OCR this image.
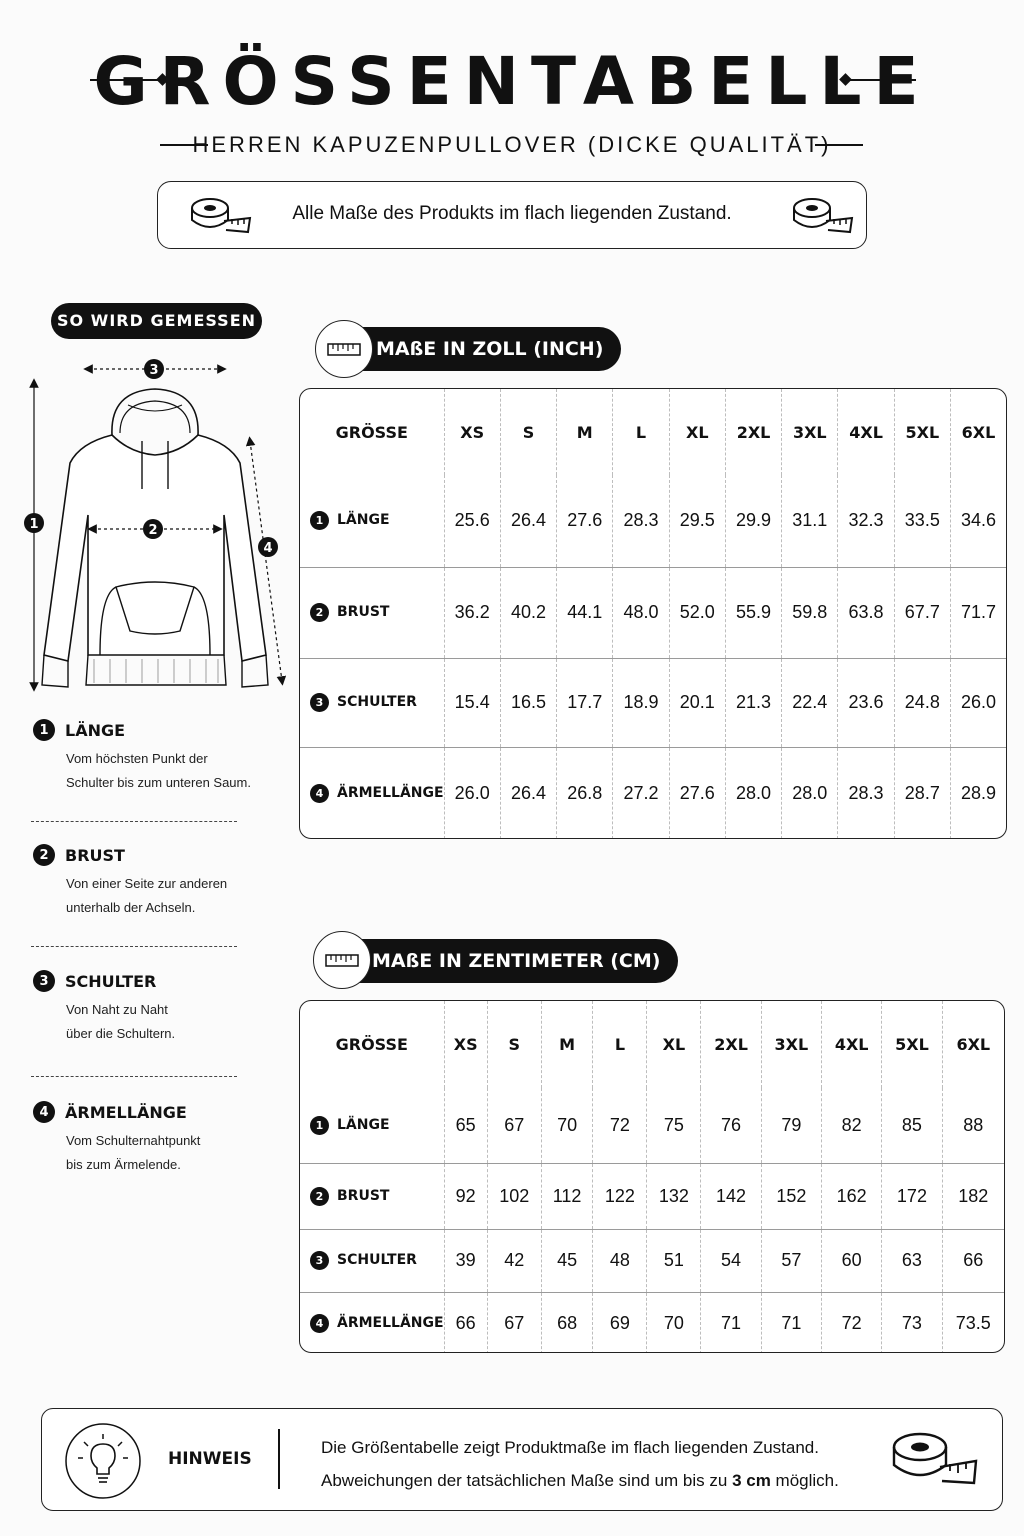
GRÖSSENTABELLE
HERREN KAPUZENPULLOVER (DICKE QUALITÄT)
Alle Maße des Produkts im flach liegenden Zustand.
SO WIRD GEMESSEN
1	2
3
4
1	LÄNGE
Vom höchsten Punkt der
Schulter bis zum unteren Saum.
2	BRUST
Von einer Seite zur anderen
unterhalb der Achseln.
3	SCHULTER
Von Naht zu Naht
über die Schultern.
4	ÄRMELLÄNGE
Vom Schulternahtpunkt
bis zum Ärmelende.
MAßE IN ZOLL (INCH)
GRÖSSE	XS	S	M	L	XL	2XL	3XL	4XL	5XL	6XL
1 LÄNGE	25.6	26.4	27.6	28.3	29.5	29.9	31.1	32.3	33.5	34.6
2 BRUST	36.2	40.2	44.1	48.0	52.0	55.9	59.8	63.8	67.7	71.7
3 SCHULTER	15.4	16.5	17.7	18.9	20.1	21.3	22.4	23.6	24.8	26.0
4 ÄRMELLÄNGE	26.0	26.4	26.8	27.2	27.6	28.0	28.0	28.3	28.7	28.9
MAßE IN ZENTIMETER (CM)
GRÖSSE	XS	S	M	L	XL	2XL	3XL	4XL	5XL	6XL
1 LÄNGE	65	67	70	72	75	76	79	82	85	88
2 BRUST	92	102	112	122	132	142	152	162	172	182
3 SCHULTER	39	42	45	48	51	54	57	60	63	66
4 ÄRMELLÄNGE	66	67	68	69	70	71	71	72	73	73.5
HINWEIS
Die Größentabelle zeigt Produktmaße im flach liegenden Zustand.
Abweichungen der tatsächlichen Maße sind um bis zu 3 cm möglich.
